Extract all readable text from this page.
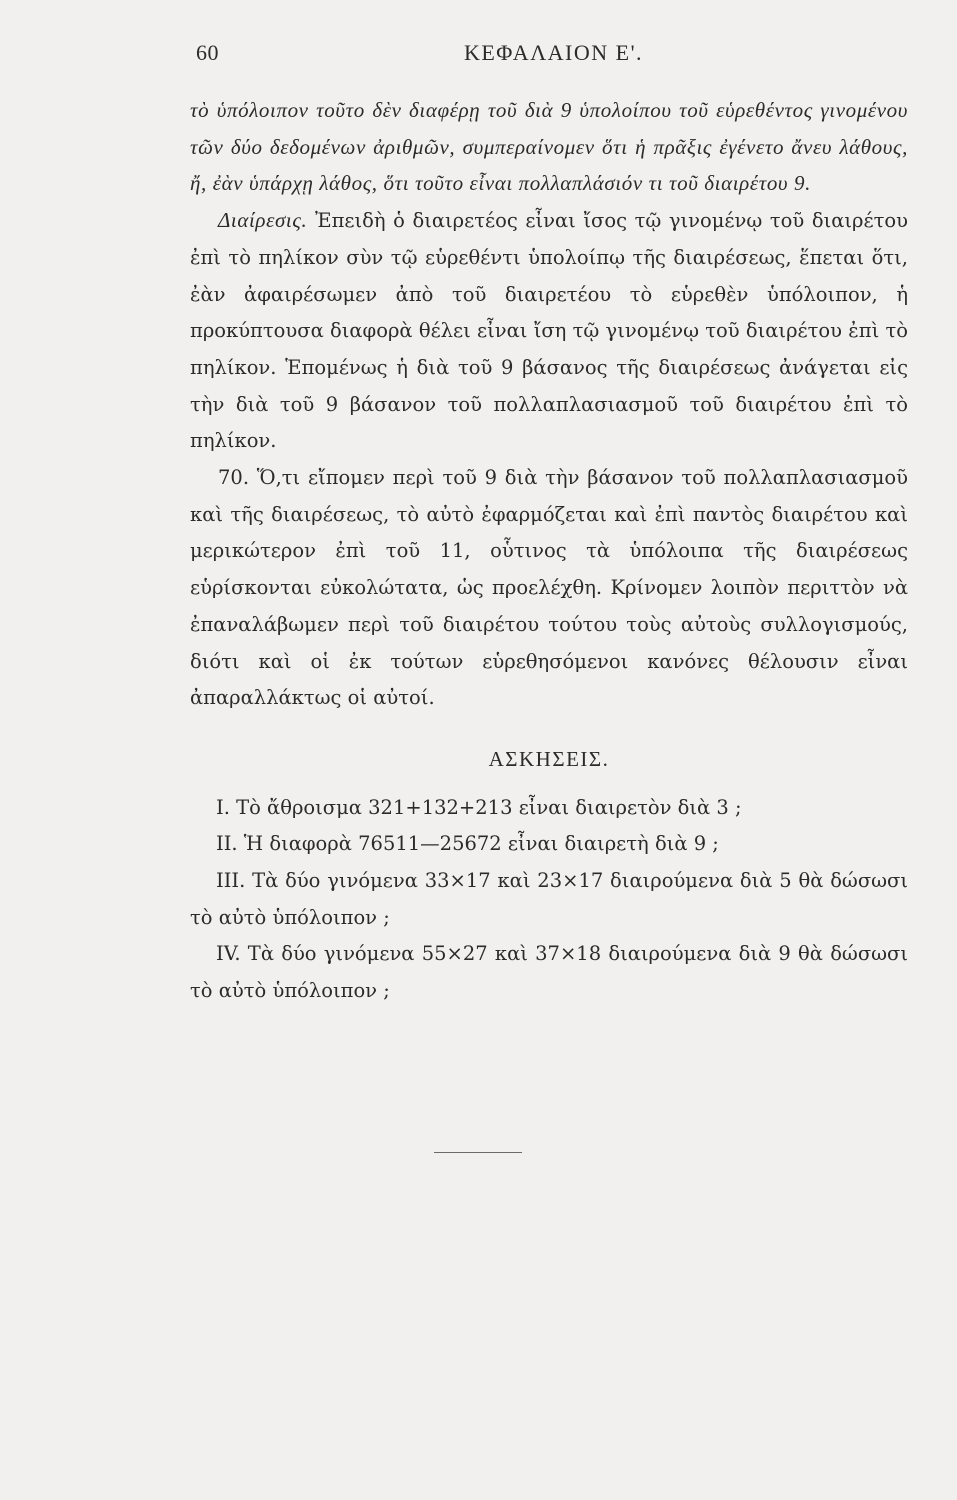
60	ΚΕΦΑΛΑΙΟΝ Ε'.

τὸ ὑπόλοιπον τοῦτο δὲν διαφέρῃ τοῦ διὰ 9 ὑπολοίπου τοῦ εὑρεθέντος γινομένου τῶν δύο δεδομένων ἀριθμῶν, συμπεραίνομεν ὅτι ἡ πρᾶξις ἐγένετο ἄνευ λάθους, ἤ, ἐὰν ὑπάρχῃ λάθος, ὅτι τοῦτο εἶναι πολλαπλάσιόν τι τοῦ διαιρέτου 9.

Διαίρεσις. Ἐπειδὴ ὁ διαιρετέος εἶναι ἴσος τῷ γινομένῳ τοῦ διαιρέτου ἐπὶ τὸ πηλίκον σὺν τῷ εὑρεθέντι ὑπολοίπῳ τῆς διαιρέσεως, ἕπεται ὅτι, ἐὰν ἀφαιρέσωμεν ἀπὸ τοῦ διαιρετέου τὸ εὑρεθὲν ὑπόλοιπον, ἡ προκύπτουσα διαφορὰ θέλει εἶναι ἴση τῷ γινομένῳ τοῦ διαιρέτου ἐπὶ τὸ πηλίκον. Ἑπομένως ἡ διὰ τοῦ 9 βάσανος τῆς διαιρέσεως ἀνάγεται εἰς τὴν διὰ τοῦ 9 βάσανον τοῦ πολλαπλασιασμοῦ τοῦ διαιρέτου ἐπὶ τὸ πηλίκον.

70. Ὅ,τι εἴπομεν περὶ τοῦ 9 διὰ τὴν βάσανον τοῦ πολλαπλασιασμοῦ καὶ τῆς διαιρέσεως, τὸ αὐτὸ ἐφαρμόζεται καὶ ἐπὶ παντὸς διαιρέτου καὶ μερικώτερον ἐπὶ τοῦ 11, οὗτινος τὰ ὑπόλοιπα τῆς διαιρέσεως εὑρίσκονται εὐκολώτατα, ὡς προελέχθη. Κρίνομεν λοιπὸν περιττὸν νὰ ἐπαναλάβωμεν περὶ τοῦ διαιρέτου τούτου τοὺς αὐτοὺς συλλογισμούς, διότι καὶ οἱ ἐκ τούτων εὑρεθησόμενοι κανόνες θέλουσιν εἶναι ἀπαραλλάκτως οἱ αὐτοί.

ΑΣΚΗΣΕΙΣ.

I. Τὸ ἄθροισμα 321+132+213 εἶναι διαιρετὸν διὰ 3 ;

II. Ἡ διαφορὰ 76511—25672 εἶναι διαιρετὴ διὰ 9 ;

III. Τὰ δύο γινόμενα 33×17 καὶ 23×17 διαιρούμενα διὰ 5 θὰ δώσωσι τὸ αὐτὸ ὑπόλοιπον ;

IV. Τὰ δύο γινόμενα 55×27 καὶ 37×18 διαιρούμενα διὰ 9 θὰ δώσωσι τὸ αὐτὸ ὑπόλοιπον ;
